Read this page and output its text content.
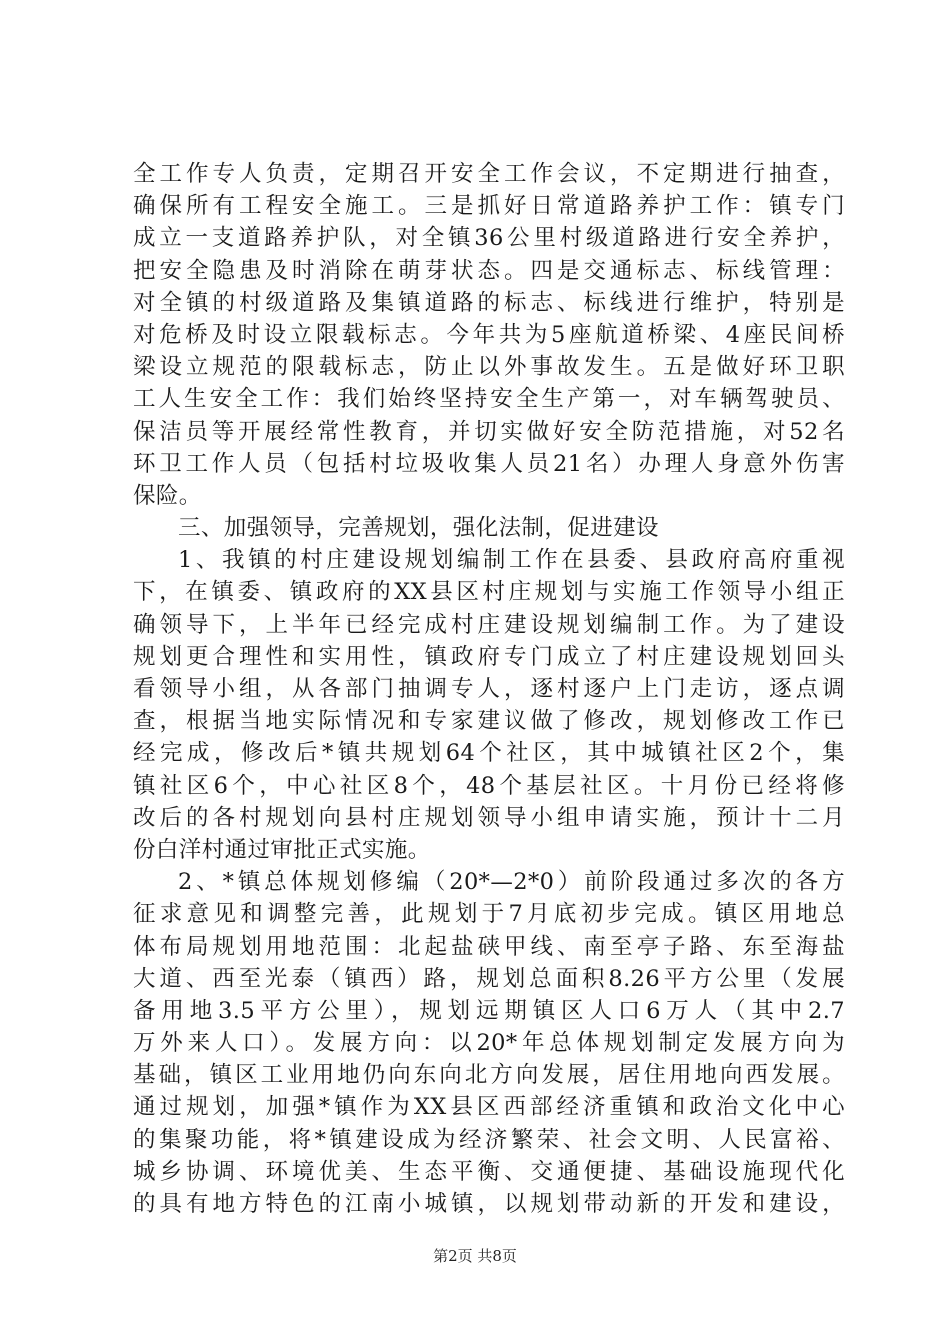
全工作专人负责，定期召开安全工作会议，不定期进行抽查，
确保所有工程安全施工。三是抓好日常道路养护工作：镇专门
成立一支道路养护队，对全镇36公里村级道路进行安全养护，
把安全隐患及时消除在萌芽状态。四是交通标志、标线管理：
对全镇的村级道路及集镇道路的标志、标线进行维护，特别是
对危桥及时设立限载标志。今年共为5座航道桥梁、4座民间桥
梁设立规范的限载标志，防止以外事故发生。五是做好环卫职
工人生安全工作：我们始终坚持安全生产第一，对车辆驾驶员、
保洁员等开展经常性教育，并切实做好安全防范措施，对52名
环卫工作人员（包括村垃圾收集人员21名）办理人身意外伤害
保险。
三、加强领导，完善规划，强化法制，促进建设
1、我镇的村庄建设规划编制工作在县委、县政府高府重视
下，在镇委、镇政府的XX县区村庄规划与实施工作领导小组正
确领导下，上半年已经完成村庄建设规划编制工作。为了建设
规划更合理性和实用性，镇政府专门成立了村庄建设规划回头
看领导小组，从各部门抽调专人，逐村逐户上门走访，逐点调
查，根据当地实际情况和专家建议做了修改，规划修改工作已
经完成，修改后*镇共规划64个社区，其中城镇社区2个，集
镇社区6个，中心社区8个，48个基层社区。十月份已经将修
改后的各村规划向县村庄规划领导小组申请实施，预计十二月
份白洋村通过审批正式实施。
2、*镇总体规划修编（20*—2*0）前阶段通过多次的各方
征求意见和调整完善，此规划于7月底初步完成。镇区用地总
体布局规划用地范围：北起盐硖甲线、南至亭子路、东至海盐
大道、西至光泰（镇西）路，规划总面积8.26平方公里（发展
备用地3.5平方公里），规划远期镇区人口6万人（其中2.7
万外来人口）。发展方向：以20*年总体规划制定发展方向为
基础，镇区工业用地仍向东向北方向发展，居住用地向西发展。
通过规划，加强*镇作为XX县区西部经济重镇和政治文化中心
的集聚功能，将*镇建设成为经济繁荣、社会文明、人民富裕、
城乡协调、环境优美、生态平衡、交通便捷、基础设施现代化
的具有地方特色的江南小城镇，以规划带动新的开发和建设，
第2页 共8页
